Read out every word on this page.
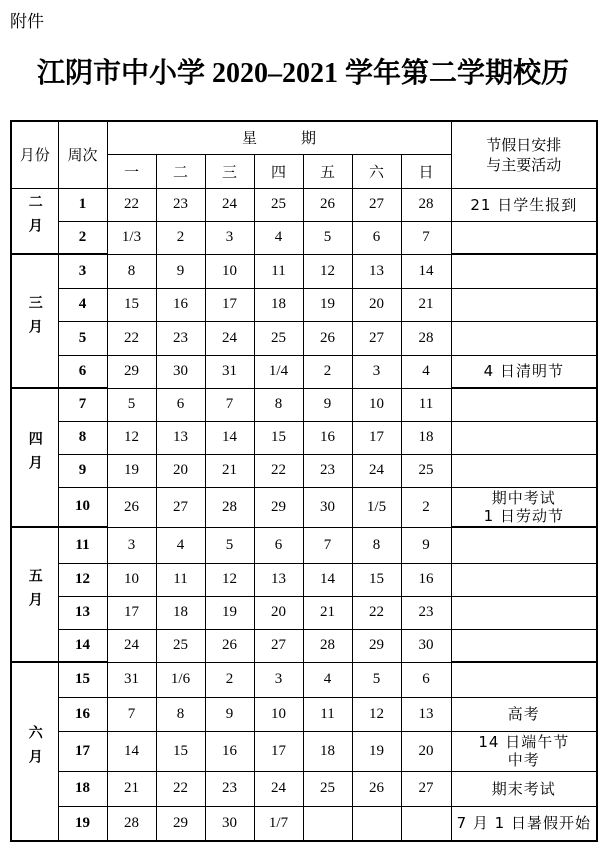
附件
江阴市中小学 2020–2021 学年第二学期校历
月份	周次	星期							节假日安排
与主要活动

		一	二	三	四	五	六	日	
二月	1	22	23	24	25	26	27	28	21 日学生报到

	2	1/3	2	3	4	5	6	7	
三月	3	8	9	10	11	12	13	14	
	4	15	16	17	18	19	20	21	
	5	22	23	24	25	26	27	28	
	6	29	30	31	1/4	2	3	4	4 日清明节

四月	7	5	6	7	8	9	10	11	
	8	12	13	14	15	16	17	18	
	9	19	20	21	22	23	24	25	
	10	26	27	28	29	30	1/5	2	期中考试
1 日劳动节

五月	11	3	4	5	6	7	8	9	
	12	10	11	12	13	14	15	16	
	13	17	18	19	20	21	22	23	
	14	24	25	26	27	28	29	30	
六月	15	31	1/6	2	3	4	5	6	
	16	7	8	9	10	11	12	13	高考

	17	14	15	16	17	18	19	20	14 日端午节
中考

	18	21	22	23	24	25	26	27	期末考试

	19	28	29	30	1/7				7 月 1 日暑假开始
